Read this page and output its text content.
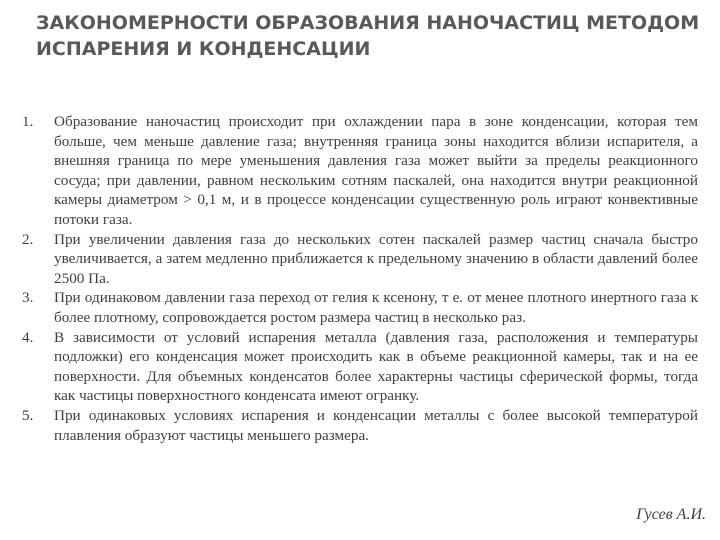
ЗАКОНОМЕРНОСТИ ОБРАЗОВАНИЯ НАНОЧАСТИЦ МЕТОДОМ
ИСПАРЕНИЯ И КОНДЕНСАЦИИ
1.	Образование наночастиц происходит при охлаждении пара в зоне конденсации, которая тем больше, чем меньше давление газа; внутренняя граница зоны находится вблизи испарителя, а внешняя граница по мере уменьшения давления газа может выйти за пределы реакционного сосуда; при давлении, равном нескольким сотням паскалей, она находится внутри реакционной камеры диаметром > 0,1 м, и в процессе конденсации существенную роль играют конвективные потоки газа.
2.	При увеличении давления газа до нескольких сотен паскалей размер частиц сначала быстро увеличивается, а затем медленно приближается к предельному значению в области давлений более 2500 Па.
3.	При одинаковом давлении газа переход от гелия к ксенону, т е. от менее плотного инертного газа к более плотному, сопровождается ростом размера частиц в несколько раз.
4.	В зависимости от условий испарения металла (давления газа, расположения и температуры подложки) его конденсация может происходить как в объеме реакционной камеры, так и на ее поверхности. Для объемных конденсатов более характерны частицы сферической формы, тогда как частицы поверхностного конденсата имеют огранку.
5.	При одинаковых условиях испарения и конденсации металлы с более высокой температурой плавления образуют частицы меньшего размера.
Гусев А.И.
